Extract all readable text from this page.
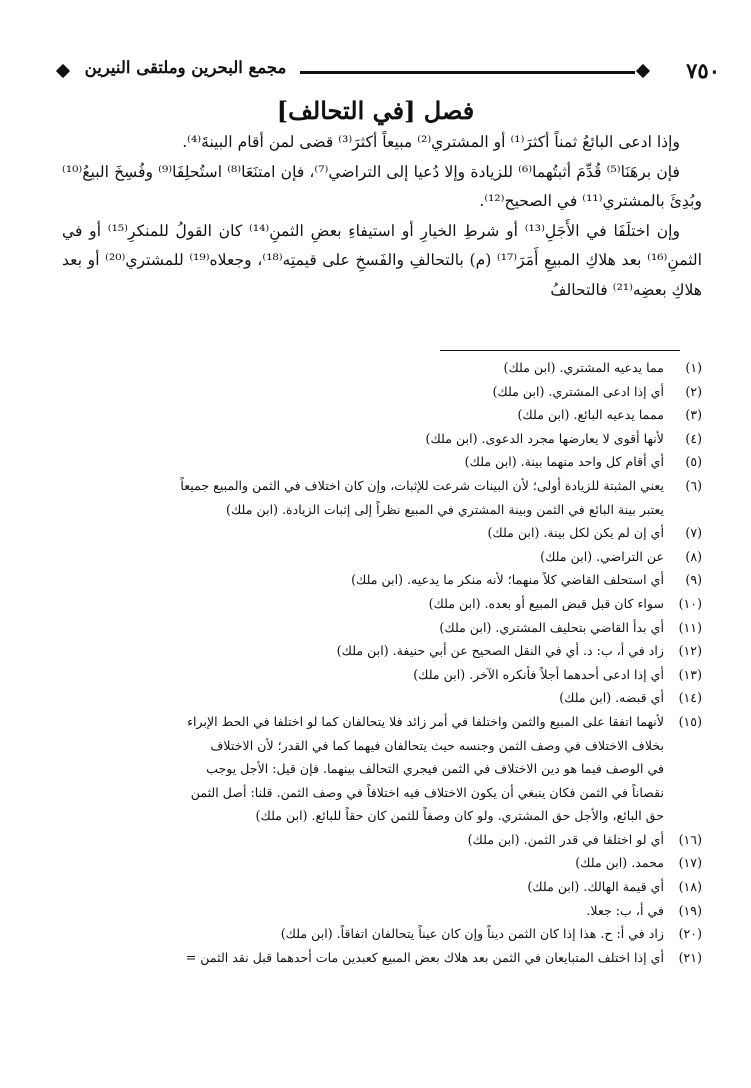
٧٥٠
مجمع البحرين وملتقى النيرين
فصل [في التحالف]

وإذا ادعى البائعُ ثمناً أكثرَ⁽¹⁾ أو المشتري⁽²⁾ مبيعاً أكثرَ⁽³⁾ قضى لمن أقام البينةَ⁽⁴⁾.

فإن برهَنَا⁽⁵⁾ قُدِّمَ أثبتُهما⁽⁶⁾ للزيادة وإلا دُعيا إلى التراضي⁽⁷⁾، فإن امتنَعَا⁽⁸⁾ استُحلِفَا⁽⁹⁾ وفُسِخَ البيعُ⁽¹⁰⁾ وبُدِئَ بالمشتري⁽¹¹⁾ في الصحيح⁽¹²⁾.

وإن اختلَفَا في الأَجَلِ⁽¹³⁾ أو شرطِ الخيارِ أو استيفاءِ بعضِ الثمنِ⁽¹⁴⁾ كان القولُ للمنكرِ⁽¹⁵⁾ أو في الثمنِ⁽¹⁶⁾ بعد هلاكِ المبيعِ أَمَرَ⁽¹⁷⁾ (م) بالتحالفِ والفَسخِ على قيمتِه⁽¹⁸⁾، وجعلاه⁽¹⁹⁾ للمشتري⁽²⁰⁾ أو بعد هلاكِ بعضِه⁽²¹⁾ فالتحالفُ

(١)
مما يدعيه المشتري. (ابن ملك)
(٢)
أي إذا ادعى المشتري. (ابن ملك)
(٣)
ممما يدعيه البائع. (ابن ملك)
(٤)
لأنها أقوى لا يعارضها مجرد الدعوى. (ابن ملك)
(٥)
أي أقام كل واحد منهما بينة. (ابن ملك)
(٦)
يعني المثبتة للزيادة أولى؛ لأن البينات شرعت للإثبات، وإن كان اختلاف في الثمن والمبيع جميعاً
يعتبر بينة البائع في الثمن وبينة المشتري في المبيع نظراً إلى إثبات الزيادة. (ابن ملك)
(٧)
أي إن لم يكن لكل بينة. (ابن ملك)
(٨)
عن التراضي. (ابن ملك)
(٩)
أي استحلف القاضي كلاً منهما؛ لأنه منكر ما يدعيه. (ابن ملك)
(١٠)
سواء كان قبل قبض المبيع أو بعده. (ابن ملك)
(١١)
أي بدأ القاضي بتحليف المشتري. (ابن ملك)
(١٢)
زاد في أ، ب: د. أي في النقل الصحيح عن أبي حنيفة. (ابن ملك)
(١٣)
أي إذا ادعى أحدهما أجلاً فأنكره الآخر. (ابن ملك)
(١٤)
أي قبضه. (ابن ملك)
(١٥)
لأنهما اتفقا على المبيع والثمن واختلفا في أمر زائد فلا يتحالفان كما لو اختلفا في الحط الإبراء
بخلاف الاختلاف في وصف الثمن وجنسه حيث يتحالفان فيهما كما في القدر؛ لأن الاختلاف
في الوصف فيما هو دين الاختلاف في الثمن فيجري التحالف بينهما. فإن قيل: الأجل يوجب
نقصاناً في الثمن فكان ينبغي أن يكون الاختلاف فيه اختلافاً في وصف الثمن. قلنا: أصل الثمن
حق البائع، والأجل حق المشتري. ولو كان وصفاً للثمن كان حقاً للبائع. (ابن ملك)
(١٦)
أي لو اختلفا في قدر الثمن. (ابن ملك)
(١٧)
محمد. (ابن ملك)
(١٨)
أي قيمة الهالك. (ابن ملك)
(١٩)
في أ، ب: جعلا.
(٢٠)
زاد في أ: ح. هذا إذا كان الثمن ديناً وإن كان عيناً يتحالفان اتفاقاً. (ابن ملك)
(٢١)
أي إذا اختلف المتبايعان في الثمن بعد هلاك بعض المبيع كعبدين مات أحدهما قبل نقد الثمن =
